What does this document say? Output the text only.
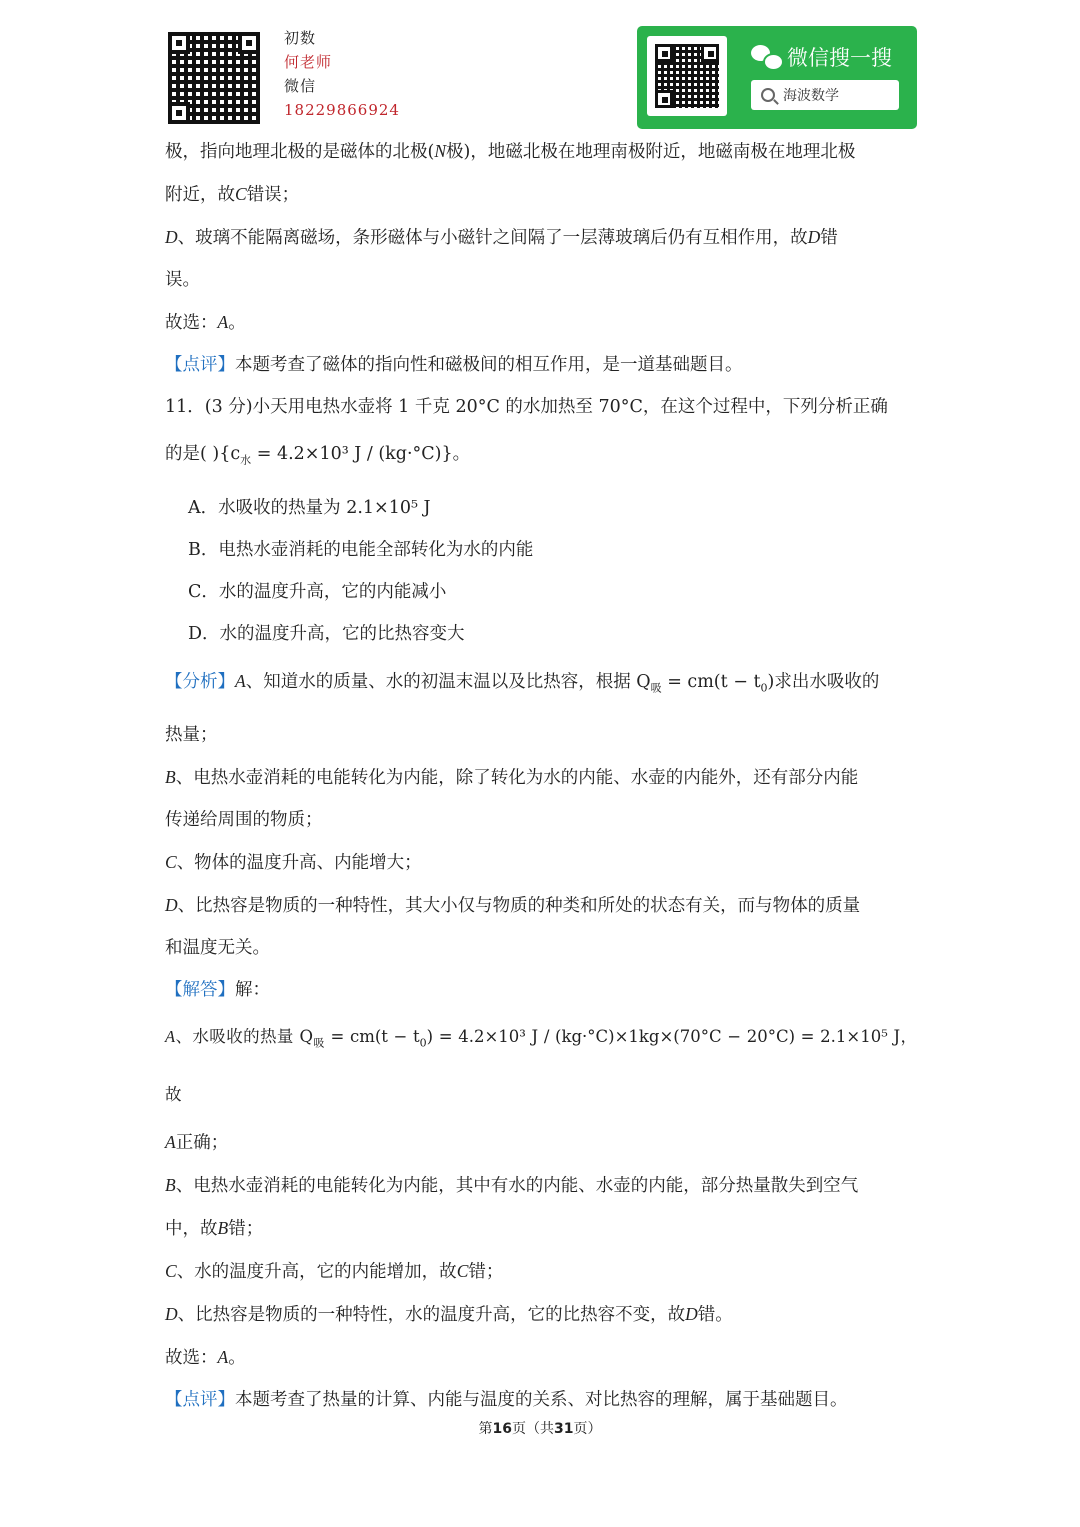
初数
何老师
微信
18229866924
微信搜一搜
海波数学

极，指向地理北极的是磁体的北极(N极)，地磁北极在地理南极附近，地磁南极在地理北极

附近，故C错误；

D、玻璃不能隔离磁场，条形磁体与小磁针之间隔了一层薄玻璃后仍有互相作用，故D错

误。

故选：A。

【点评】本题考查了磁体的指向性和磁极间的相互作用，是一道基础题目。

11．(3 分)小天用电热水壶将 1 千克 20°C 的水加热至 70°C，在这个过程中，下列分析正确

的是( ){$c_水 = 4.2\times 10^3$ J / (kg·°C)}。

A．水吸收的热量为 2.1×10⁵ J

B．电热水壶消耗的电能全部转化为水的内能

C．水的温度升高，它的内能减小

D．水的温度升高，它的比热容变大

【分析】A、知道水的质量、水的初温末温以及比热容，根据 $Q_吸 = cm(t - t_0)$求出水吸收的

热量；

B、电热水壶消耗的电能转化为内能，除了转化为水的内能、水壶的内能外，还有部分内能

传递给周围的物质；

C、物体的温度升高、内能增大；

D、比热容是物质的一种特性，其大小仅与物质的种类和所处的状态有关，而与物体的质量

和温度无关。

【解答】解：

A、水吸收的热量 $Q_吸 = cm(t - t_0) = 4.2\times 10^3$ J / (kg·°C)×1kg×(70°C − 20°C) = 2.1×10⁵ J，故

A正确；

B、电热水壶消耗的电能转化为内能，其中有水的内能、水壶的内能，部分热量散失到空气

中，故B错；

C、水的温度升高，它的内能增加，故C错；

D、比热容是物质的一种特性，水的温度升高，它的比热容不变，故D错。

故选：A。

【点评】本题考查了热量的计算、内能与温度的关系、对比热容的理解，属于基础题目。

第16页（共31页）
